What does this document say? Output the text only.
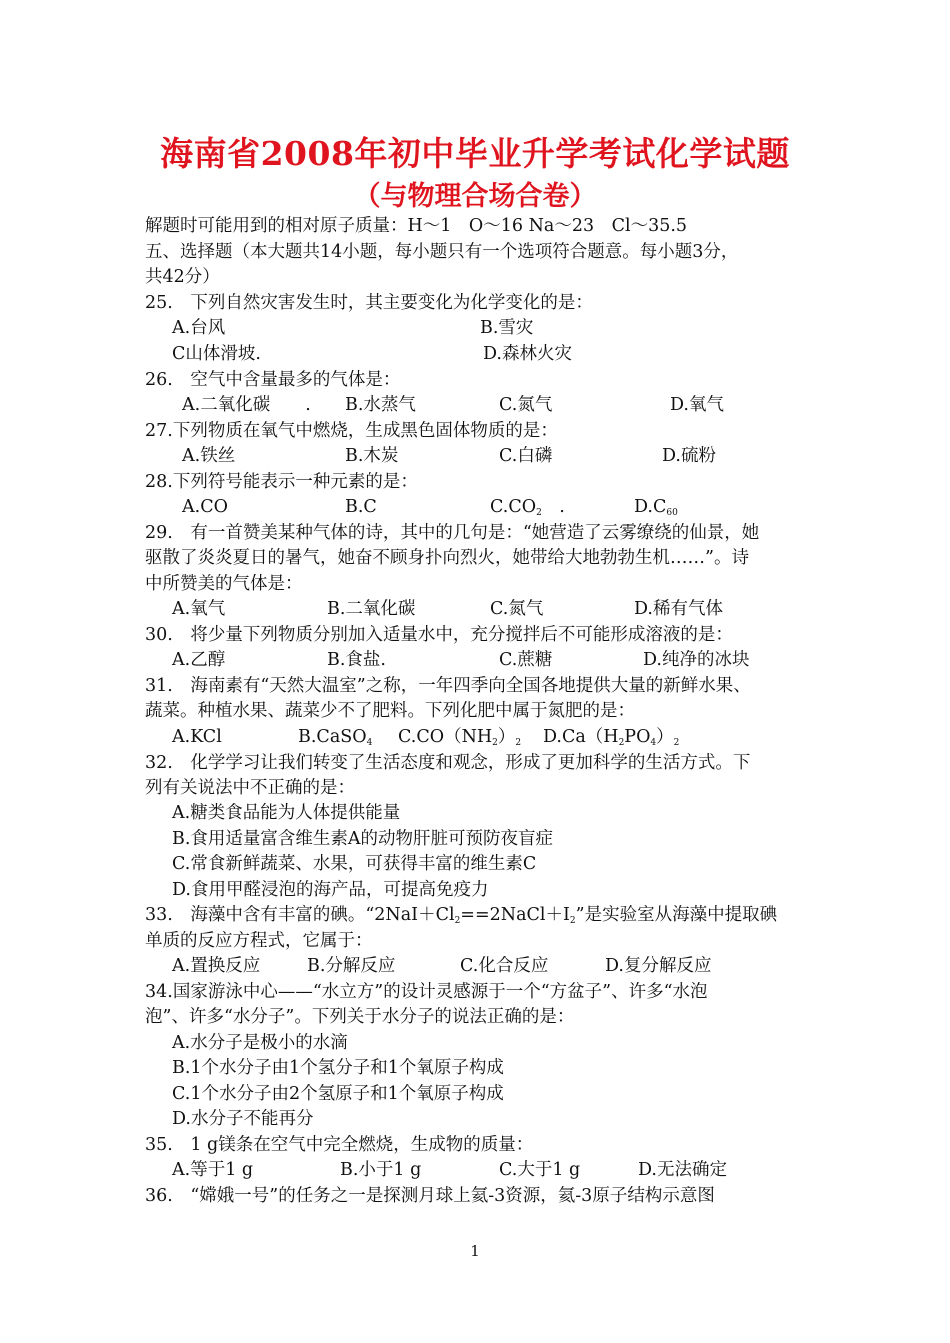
海南省2008年初中毕业升学考试化学试题
（与物理合场合卷）
解题时可能用到的相对原子质量：H～1　O～16 Na～23　Cl～35.5
五、选择题（本大题共14小题，每小题只有一个选项符合题意。每小题3分，
共42分）
25.　下列自然灾害发生时，其主要变化为化学变化的是：
A.台风	B.雪灾
C山体滑坡.	D.森林火灾
26.　空气中含量最多的气体是：
A.二氧化碳　　. B.水蒸气	C.氮气	D.氧气
27.下列物质在氧气中燃烧，生成黑色固体物质的是：
A.铁丝	B.木炭	C.白磷	D.硫粉
28.下列符号能表示一种元素的是：
A.CO	B.C	$C.CO_2$　.	$D.C_{60}$
29.　有一首赞美某种气体的诗，其中的几句是：“她营造了云雾缭绕的仙景，她
驱散了炎炎夏日的暑气，她奋不顾身扑向烈火，她带给大地勃勃生机……”。诗
中所赞美的气体是：
A.氧气	B.二氧化碳	C.氮气	D.稀有气体
30.　将少量下列物质分别加入适量水中，充分搅拌后不可能形成溶液的是：
A.乙醇	B.食盐.	C.蔗糖	D.纯净的冰块
31.　海南素有“天然大温室”之称，一年四季向全国各地提供大量的新鲜水果、
蔬菜。种植水果、蔬菜少不了肥料。下列化肥中属于氮肥的是：
A.KCl	B.CaSO$_4$ $C.CO(NH_2)_2$ $D.Ca(H_2PO_4)_2$
32.　化学学习让我们转变了生活态度和观念，形成了更加科学的生活方式。下
列有关说法中不正确的是：
A.糖类食品能为人体提供能量
B.食用适量富含维生素A的动物肝脏可预防夜盲症
C.常食新鲜蔬菜、水果，可获得丰富的维生素C
D.食用甲醛浸泡的海产品，可提高免疫力
33.　海藻中含有丰富的碘。“$2NaI+Cl_2==2NaCl+I_2$”是实验室从海藻中提取碘
单质的反应方程式，它属于：
A.置换反应	B.分解反应	C.化合反应	D.复分解反应
34.国家游泳中心——“水立方”的设计灵感源于一个“方盆子”、许多“水泡
泡”、许多“水分子”。下列关于水分子的说法正确的是：
A.水分子是极小的水滴
B.1个水分子由1个氢分子和1个氧原子构成
C.1个水分子由2个氢原子和1个氧原子构成
D.水分子不能再分
35.　1 g镁条在空气中完全燃烧，生成物的质量：
A.等于1 g	B.小于1 g	C.大于1 g	D.无法确定
36.　“嫦娥一号”的任务之一是探测月球上氦-3资源，氦-3原子结构示意图
1
